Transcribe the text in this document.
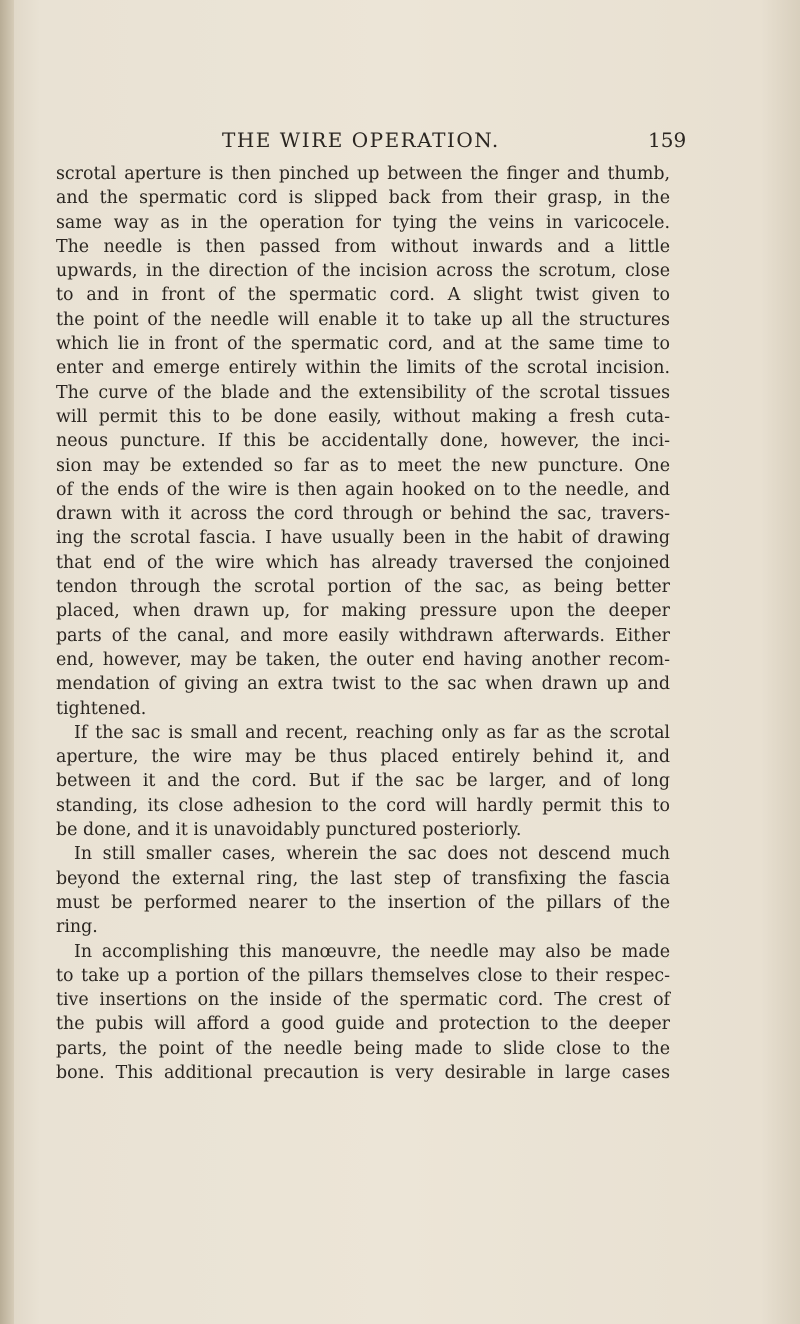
THE WIRE OPERATION.	159

scrotal aperture is then pinched up between the finger and thumb,
and the spermatic cord is slipped back from their grasp, in the
same way as in the operation for tying the veins in varicocele.
The needle is then passed from without inwards and a little
upwards, in the direction of the incision across the scrotum, close
to and in front of the spermatic cord. A slight twist given to
the point of the needle will enable it to take up all the structures
which lie in front of the spermatic cord, and at the same time to
enter and emerge entirely within the limits of the scrotal incision.
The curve of the blade and the extensibility of the scrotal tissues
will permit this to be done easily, without making a fresh cuta-
neous puncture. If this be accidentally done, however, the inci-
sion may be extended so far as to meet the new puncture. One
of the ends of the wire is then again hooked on to the needle, and
drawn with it across the cord through or behind the sac, travers-
ing the scrotal fascia. I have usually been in the habit of drawing
that end of the wire which has already traversed the conjoined
tendon through the scrotal portion of the sac, as being better
placed, when drawn up, for making pressure upon the deeper
parts of the canal, and more easily withdrawn afterwards. Either
end, however, may be taken, the outer end having another recom-
mendation of giving an extra twist to the sac when drawn up and
tightened.

If the sac is small and recent, reaching only as far as the scrotal
aperture, the wire may be thus placed entirely behind it, and
between it and the cord. But if the sac be larger, and of long
standing, its close adhesion to the cord will hardly permit this to
be done, and it is unavoidably punctured posteriorly.

In still smaller cases, wherein the sac does not descend much
beyond the external ring, the last step of transfixing the fascia
must be performed nearer to the insertion of the pillars of the
ring.

In accomplishing this manœuvre, the needle may also be made
to take up a portion of the pillars themselves close to their respec-
tive insertions on the inside of the spermatic cord. The crest of
the pubis will afford a good guide and protection to the deeper
parts, the point of the needle being made to slide close to the
bone. This additional precaution is very desirable in large cases
